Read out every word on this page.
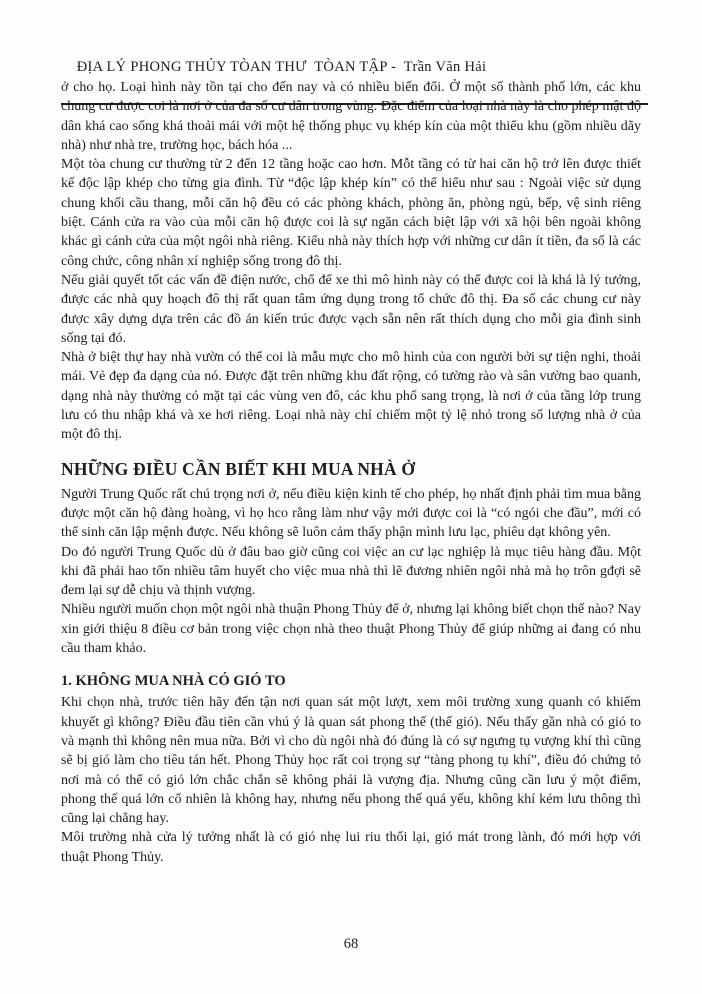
ĐỊA LÝ PHONG THỦY TÒAN THƯ  TÒAN TẬP -  Trần Văn Hải

ở cho họ. Loại hình này tồn tại cho đến nay và có nhiều biến đổi. Ở một số thành phố lớn, các khu chung cư được coi là nơi ở của đa số cư dân trong vùng. Đặc điểm của loại nhà này là cho phép mật độ dân khá cao sống khá thoải mái với một hệ thống phục vụ khép kín của một thiểu khu (gồm nhiều dãy nhà) như nhà tre, trường học, bách hóa ...

Một tòa chung cư thường từ 2 đến 12 tầng hoặc cao hơn. Mỗt tầng có từ hai căn hộ trở lên được thiết kế độc lập khép cho từng gia đình. Từ “độc lập khép kín” có thể hiểu như sau : Ngoài việc sử dụng chung khối cầu thang, mỗi căn hộ đều có các phòng khách, phòng ăn, phòng ngủ, bếp, vệ sinh riêng biệt. Cánh cửa ra vào của mỗi căn hộ được coi là sự ngăn cách biệt lập với xã hội bên ngoài không khác gì cánh cửa của một ngôi nhà riêng. Kiểu nhà này thích hợp với những cư dân ít tiền, đa số là các công chức, công nhân xí nghiệp sống trong đô thị.

Nếu giải quyết tốt các vấn đề điện nước, chổ để xe thì mô hình này có thể được coi là khá là lý tưởng, được các nhà quy hoạch đô thị rất quan tâm ứng dụng trong tổ chức đô thị. Đa số các chung cư này được xây dựng dựa trên các đồ án kiến trúc được vạch sẵn nên rất thích dụng cho mỗi gia đình sinh sống tại đó.

Nhà ở biệt thự hay nhà vườn có thể coi là mẫu mực cho mô hình của con người bởi sự tiện nghi, thoải mái. Vẻ đẹp đa dạng của nó. Được đặt trên những khu đất rộng, có tường rào và sân vường bao quanh, dạng nhà này thường có mặt tại các vùng ven đô, các khu phố sang trọng, là nơi ở của tầng lớp trung lưu có thu nhập khá và xe hơi riêng. Loại nhà này chỉ chiếm một tỷ lệ nhỏ trong số lượng nhà ở của một đô thị.

NHỮNG ĐIỀU CẦN BIẾT KHI MUA NHÀ Ở

Người Trung Quốc rất chú trọng nơi ở, nếu điều kiện kinh tế cho phép, họ nhất định phải tìm mua bằng được một căn hộ đàng hoàng, vì họ hco rằng làm như vậy mới được coi là “có ngói che đầu”, mới có thể sinh căn lập mệnh được. Nếu không sẽ luôn cảm thấy phận mình lưu lạc, phiêu dạt không yên.

Do đó người Trung Quốc dù ở đâu bao giờ cũng coi việc an cư lạc nghiệp là mục tiêu hàng đầu. Một khi đã phải hao tổn nhiều tâm huyết cho việc mua nhà thì lẽ đương nhiên ngôi nhà mà họ trôn gđợi sẽ đem lại sự dễ chịu và thịnh vượng.

Nhiều người muốn chọn một ngôi nhà thuận Phong Thủy để ở, nhưng lại không biết chọn thế nào? Nay xin giới thiệu 8 điều cơ bản trong việc chọn nhà theo thuật Phong Thủy để giúp những ai đang có nhu cầu tham khảo.

1. KHÔNG MUA NHÀ CÓ GIÓ TO

Khi chọn nhà, trước tiên hãy đến tận nơi quan sát một lượt, xem môi trường xung quanh có khiếm khuyết gì không? Điều đầu tiên cần vhú ý là quan sát phong thế (thế gió). Nếu thấy gần nhà có gió to và mạnh thì không nên mua nữa. Bởi vì cho dù ngôi nhà đó đúng là có sự ngưng tụ vượng khí thì cũng sẽ bị gió làm cho tiêu tán hết. Phong Thủy học rất coi trọng sự “tàng phong tụ khí”, điều đó chứng tỏ nơi mà có thể có gió lớn chắc chắn sẽ không phải là vượng địa. Nhưng cũng cần lưu ý một điểm, phong thế quá lớn cố nhiên là không hay, nhưng nếu phong thế quá yếu, không khí kém lưu thông thì cũng lại chẳng hay.

Môi trường nhà cửa lý tưởng nhất là có gió nhẹ lui riu thổi lại, gió mát trong lành, đó mới hợp với thuật Phong Thủy.

68
